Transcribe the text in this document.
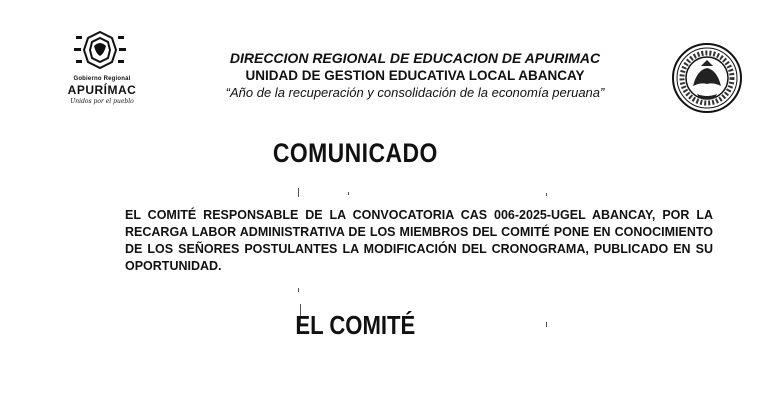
Gobierno Regional
APURÍMAC
Unidos por el pueblo
DIRECCION REGIONAL DE EDUCACION DE APURIMAC
UNIDAD DE GESTION EDUCATIVA LOCAL ABANCAY
“Año de la recuperación y consolidación de la economía peruana”
COMUNICADO
EL COMITÉ RESPONSABLE DE LA CONVOCATORIA CAS 006-2025-UGEL ABANCAY, POR LA RECARGA LABOR ADMINISTRATIVA DE LOS MIEMBROS DEL COMITÉ PONE EN CONOCIMIENTO DE LOS SEÑORES POSTULANTES LA MODIFICACIÓN DEL CRONOGRAMA, PUBLICADO EN SU OPORTUNIDAD.
EL COMITÉ
